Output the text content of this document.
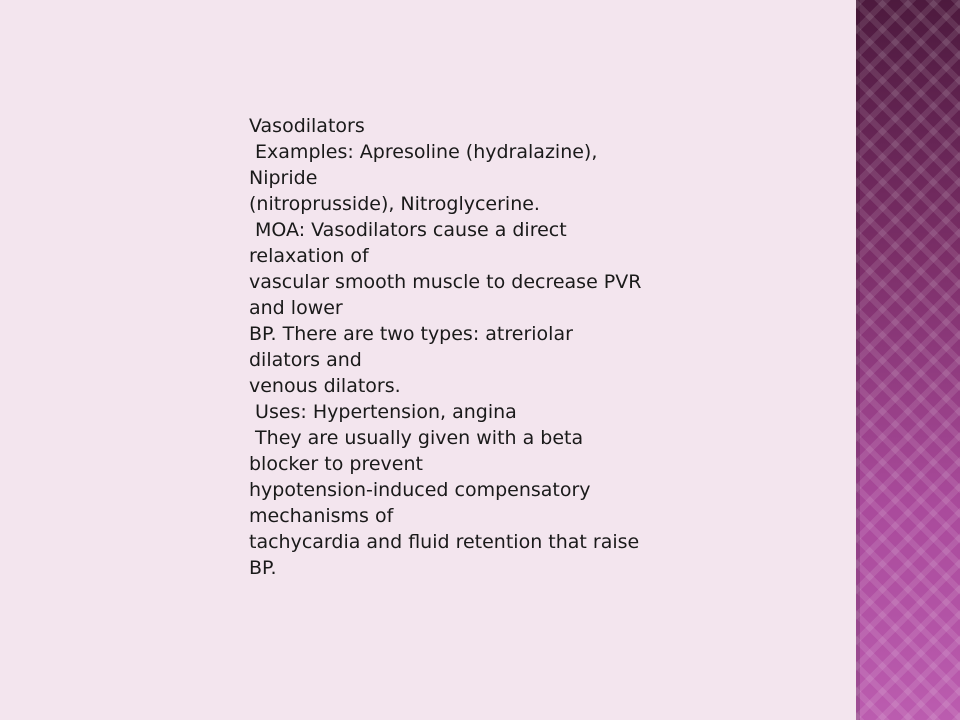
Vasodilators
Examples: Apresoline (hydralazine),
Nipride
(nitroprusside), Nitroglycerine.
MOA: Vasodilators cause a direct
relaxation of
vascular smooth muscle to decrease PVR
and lower
BP. There are two types: atreriolar
dilators and
venous dilators.
Uses: Hypertension, angina
They are usually given with a beta
blocker to prevent
hypotension-induced compensatory
mechanisms of
tachycardia and fluid retention that raise
BP.
